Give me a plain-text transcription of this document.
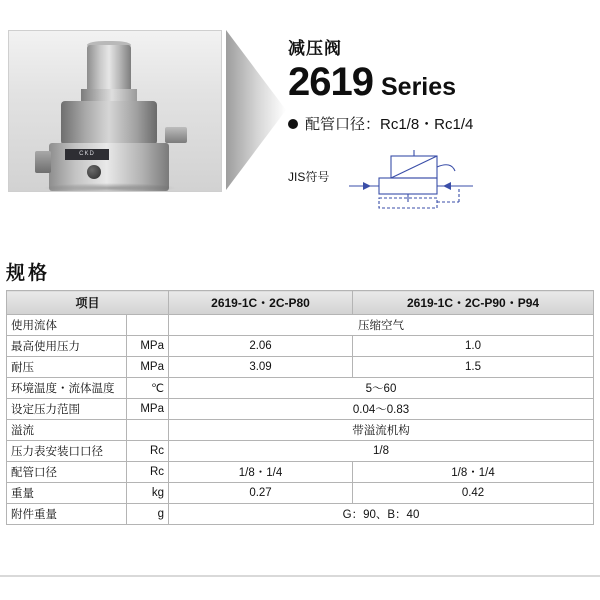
CKD
减压阀
2619 Series
配管口径：Rc1/8・Rc1/4
JIS符号
规格
项目		2619-1C・2C-P80	2619-1C・2C-P90・P94
使用流体		压缩空气	
最高使用压力	MPa	2.06	1.0
耐压	MPa	3.09	1.5
环境温度・流体温度	℃	5～60	
设定压力范围	MPa	0.04～0.83	
溢流		带溢流机构	
压力表安装口口径	Rc	1/8	
配管口径	Rc	1/8・1/4	1/8・1/4
重量	kg	0.27	0.42
附件重量	g	G：90、B：40	
